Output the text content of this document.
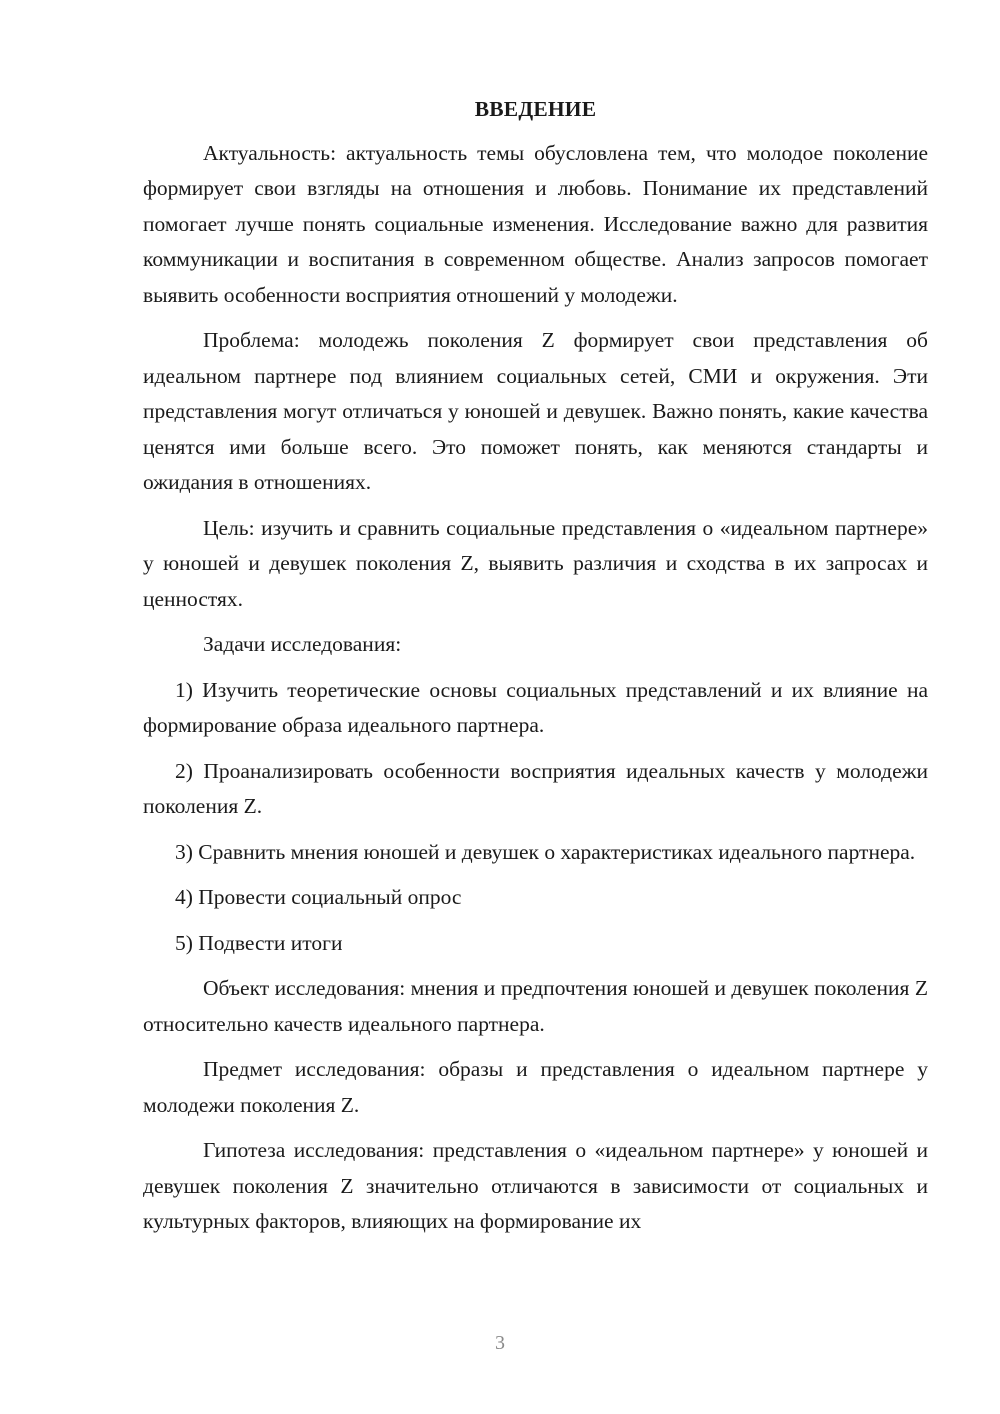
ВВЕДЕНИЕ

Актуальность: актуальность темы обусловлена тем, что молодое поколение формирует свои взгляды на отношения и любовь. Понимание их представлений помогает лучше понять социальные изменения. Исследование важно для развития коммуникации и воспитания в современном обществе. Анализ запросов помогает выявить особенности восприятия отношений у молодежи.

Проблема: молодежь поколения Z формирует свои представления об идеальном партнере под влиянием социальных сетей, СМИ и окружения. Эти представления могут отличаться у юношей и девушек. Важно понять, какие качества ценятся ими больше всего. Это поможет понять, как меняются стандарты и ожидания в отношениях.

Цель: изучить и сравнить социальные представления о «идеальном партнере» у юношей и девушек поколения Z, выявить различия и сходства в их запросах и ценностях.

Задачи исследования:

1) Изучить теоретические основы социальных представлений и их влияние на формирование образа идеального партнера.

2) Проанализировать особенности восприятия идеальных качеств у молодежи поколения Z.

3) Сравнить мнения юношей и девушек о характеристиках идеального партнера.

4) Провести социальный опрос

5) Подвести итоги

Объект исследования: мнения и предпочтения юношей и девушек поколения Z относительно качеств идеального партнера.

Предмет исследования: образы и представления о идеальном партнере у молодежи поколения Z.

Гипотеза исследования: представления о «идеальном партнере» у юношей и девушек поколения Z значительно отличаются в зависимости от социальных и культурных факторов, влияющих на формирование их

3
